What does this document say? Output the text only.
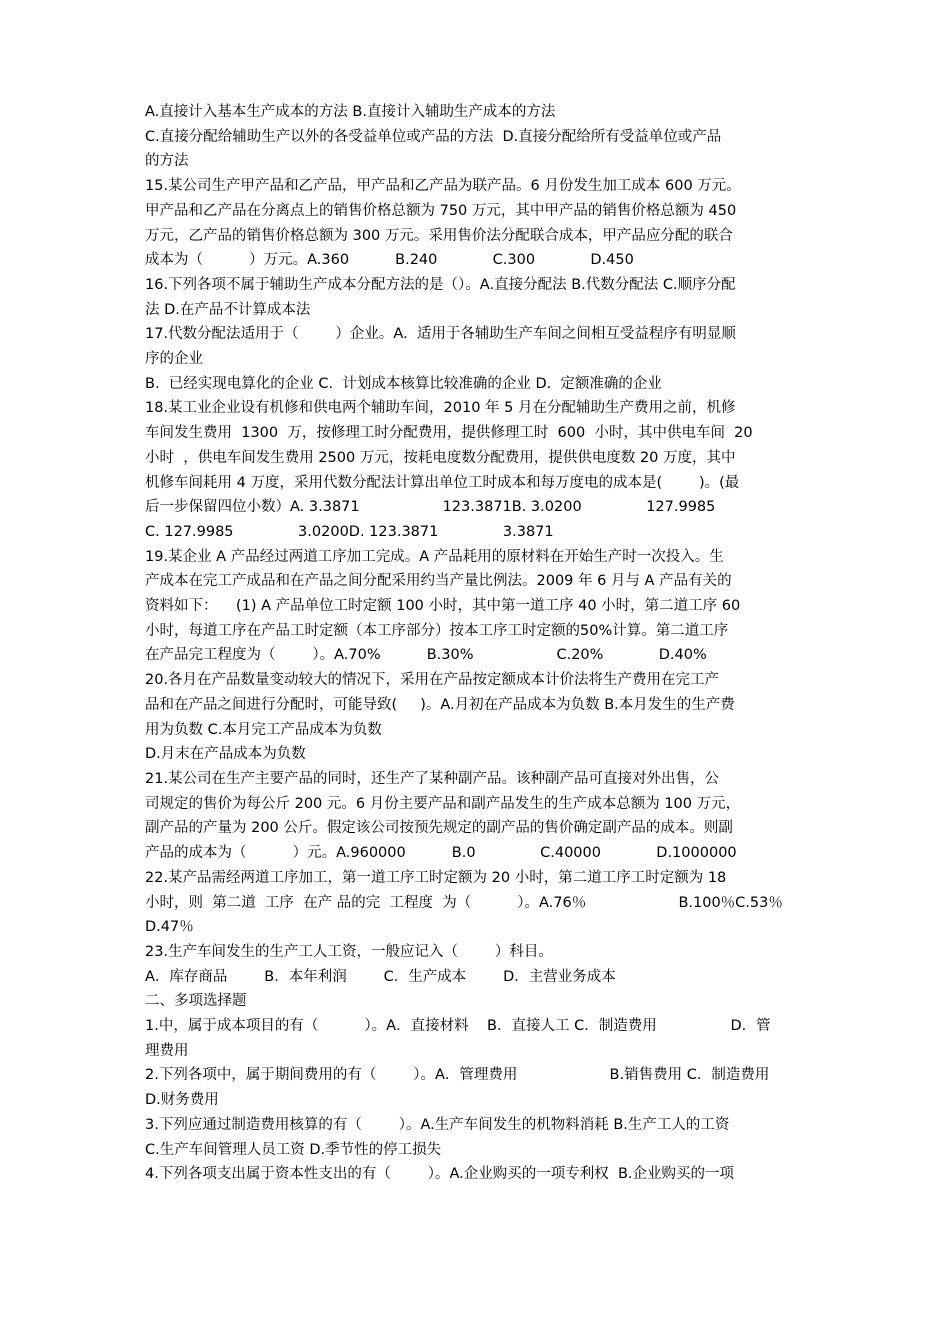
A.直接计入基本生产成本的方法 B.直接计入辅助生产成本的方法
C.直接分配给辅助生产以外的各受益单位或产品的方法  D.直接分配给所有受益单位或产品
的方法
15.某公司生产甲产品和乙产品，甲产品和乙产品为联产品。6 月份发生加工成本 600 万元。
甲产品和乙产品在分离点上的销售价格总额为 750 万元，其中甲产品的销售价格总额为 450
万元，乙产品的销售价格总额为 300 万元。采用售价法分配联合成本，甲产品应分配的联合
成本为（          ）万元。A.360          B.240            C.300            D.450
16.下列各项不属于辅助生产成本分配方法的是（）。A.直接分配法 B.代数分配法 C.顺序分配
法 D.在产品不计算成本法
17.代数分配法适用于（        ）企业。A.  适用于各辅助生产车间之间相互受益程序有明显顺
序的企业
B.  已经实现电算化的企业 C.  计划成本核算比较准确的企业 D.  定额准确的企业
18.某工业企业设有机修和供电两个辅助车间，2010 年 5 月在分配辅助生产费用之前，机修
车间发生费用  1300  万，按修理工时分配费用，提供修理工时  600  小时，其中供电车间  20
小时  ，供电车间发生费用 2500 万元，按耗电度数分配费用，提供供电度数 20 万度，其中
机修车间耗用 4 万度，采用代数分配法计算出单位工时成本和每万度电的成本是(        )。(最
后一步保留四位小数）A. 3.3871                  123.3871B. 3.0200              127.9985
C. 127.9985              3.0200D. 123.3871              3.3871
19.某企业 A 产品经过两道工序加工完成。A 产品耗用的原材料在开始生产时一次投入。生
产成本在完工产成品和在产品之间分配采用约当产量比例法。2009 年 6 月与 A 产品有关的
资料如下：    (1) A 产品单位工时定额 100 小时，其中第一道工序 40 小时，第二道工序 60
小时，每道工序在产品工时定额（本工序部分）按本工序工时定额的50%计算。第二道工序
在产品完工程度为（        ）。A.70%          B.30%                  C.20%            D.40%
20.各月在产品数量变动较大的情况下，采用在产品按定额成本计价法将生产费用在完工产
品和在产品之间进行分配时，可能导致(     )。A.月初在产品成本为负数 B.本月发生的生产费
用为负数 C.本月完工产品成本为负数
D.月末在产品成本为负数
21.某公司在生产主要产品的同时，还生产了某种副产品。该种副产品可直接对外出售，公
司规定的售价为每公斤 200 元。6 月份主要产品和副产品发生的生产成本总额为 100 万元，
副产品的产量为 200 公斤。假定该公司按预先规定的副产品的售价确定副产品的成本。则副
产品的成本为（          ）元。A.960000          B.0              C.40000            D.1000000
22.某产品需经两道工序加工，第一道工序工时定额为 20 小时，第二道工序工时定额为 18
小时，则  第二道  工序  在产 品的完  工程度  为（          ）。A.76％                    B.100％C.53％
D.47％
23.生产车间发生的生产工人工资，一般应记入（        ）科目。
A．库存商品        B．本年利润        C．生产成本        D．主营业务成本
二、多项选择题
1.中，属于成本项目的有（          ）。A．直接材料    B．直接人工 C．制造费用                D．管
理费用
2.下列各项中，属于期间费用的有（        ）。A．管理费用                    B.销售费用 C．制造费用
D.财务费用
3.下列应通过制造费用核算的有（        ）。A.生产车间发生的机物料消耗 B.生产工人的工资
C.生产车间管理人员工资 D.季节性的停工损失
4.下列各项支出属于资本性支出的有（        ）。A.企业购买的一项专利权  B.企业购买的一项
